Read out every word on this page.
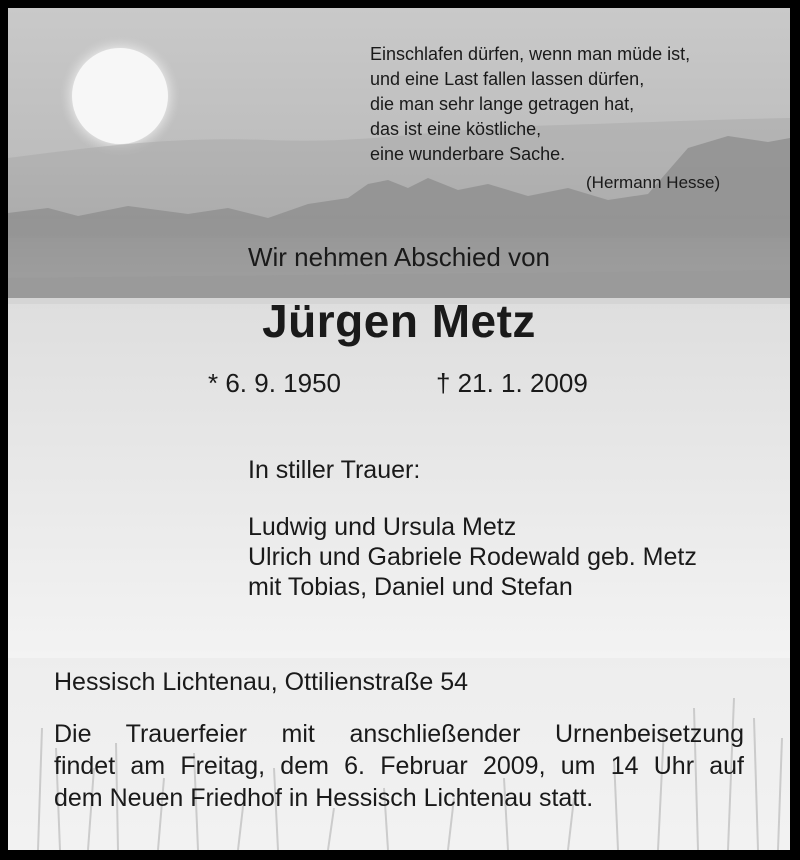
Einschlafen dürfen, wenn man müde ist,
und eine Last fallen lassen dürfen,
die man sehr lange getragen hat,
das ist eine köstliche,
eine wunderbare Sache.
(Hermann Hesse)
Wir nehmen Abschied von
Jürgen Metz
* 6. 9. 1950	† 21. 1. 2009
In stiller Trauer:
Ludwig und Ursula Metz
Ulrich und Gabriele Rodewald geb. Metz
mit Tobias, Daniel und Stefan
Hessisch Lichtenau, Ottilienstraße 54
Die Trauerfeier mit anschließender Urnenbeisetzung
findet am Freitag, dem 6. Februar 2009, um 14 Uhr auf
dem Neuen Friedhof in Hessisch Lichtenau statt.
